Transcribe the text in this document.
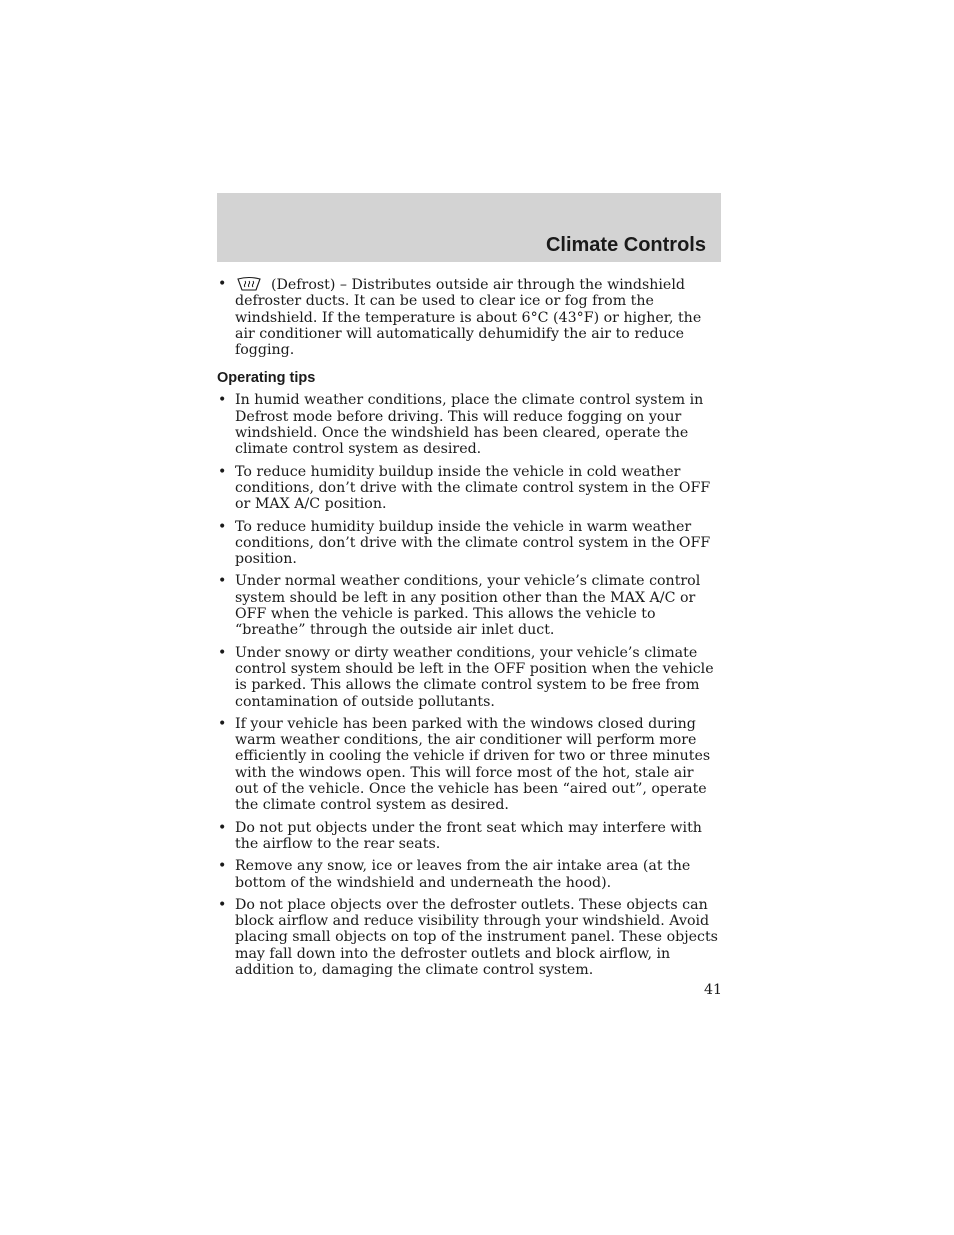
Climate Controls
•	(Defrost) – Distributes outside air through the windshield defroster ducts. It can be used to clear ice or fog from the windshield. If the temperature is about 6°C (43°F) or higher, the air conditioner will automatically dehumidify the air to reduce fogging.
Operating tips
• In humid weather conditions, place the climate control system in Defrost mode before driving. This will reduce fogging on your windshield. Once the windshield has been cleared, operate the climate control system as desired.
• To reduce humidity buildup inside the vehicle in cold weather conditions, don’t drive with the climate control system in the OFF or MAX A/C position.
• To reduce humidity buildup inside the vehicle in warm weather conditions, don’t drive with the climate control system in the OFF position.
• Under normal weather conditions, your vehicle’s climate control system should be left in any position other than the MAX A/C or OFF when the vehicle is parked. This allows the vehicle to “breathe” through the outside air inlet duct.
• Under snowy or dirty weather conditions, your vehicle’s climate control system should be left in the OFF position when the vehicle is parked. This allows the climate control system to be free from contamination of outside pollutants.
• If your vehicle has been parked with the windows closed during warm weather conditions, the air conditioner will perform more efficiently in cooling the vehicle if driven for two or three minutes with the windows open. This will force most of the hot, stale air out of the vehicle. Once the vehicle has been “aired out”, operate the climate control system as desired.
• Do not put objects under the front seat which may interfere with the airflow to the rear seats.
• Remove any snow, ice or leaves from the air intake area (at the bottom of the windshield and underneath the hood).
• Do not place objects over the defroster outlets. These objects can block airflow and reduce visibility through your windshield. Avoid placing small objects on top of the instrument panel. These objects may fall down into the defroster outlets and block airflow, in addition to, damaging the climate control system.
41
